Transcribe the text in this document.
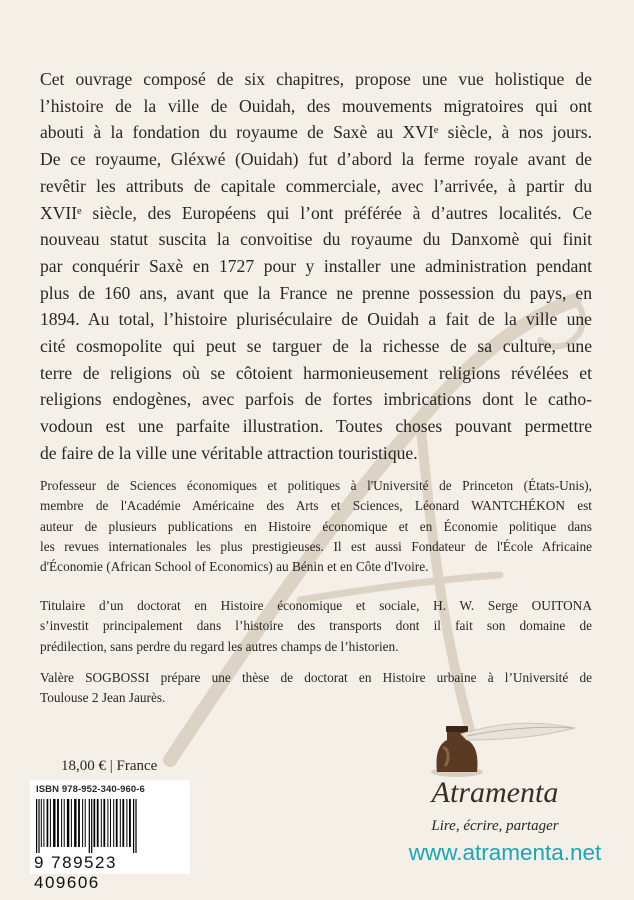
Cet ouvrage composé de six chapitres, propose une vue holistique de
l’histoire de la ville de Ouidah, des mouvements migratoires qui ont
abouti à la fondation du royaume de Saxè au XVIᵉ siècle, à nos jours.
De ce royaume, Gléxwé (Ouidah) fut d’abord la ferme royale avant de
revêtir les attributs de capitale commerciale, avec l’arrivée, à partir du
XVIIᵉ siècle, des Européens qui l’ont préférée à d’autres localités. Ce
nouveau statut suscita la convoitise du royaume du Danxomè qui finit
par conquérir Saxè en 1727 pour y installer une administration pendant
plus de 160 ans, avant que la France ne prenne possession du pays, en
1894. Au total, l’histoire pluriséculaire de Ouidah a fait de la ville une
cité cosmopolite qui peut se targuer de la richesse de sa culture, une
terre de religions où se côtoient harmonieusement religions révélées et
religions endogènes, avec parfois de fortes imbrications dont le catho-
vodoun est une parfaite illustration. Toutes choses pouvant permettre
de faire de la ville une véritable attraction touristique.
Professeur de Sciences économiques et politiques à l'Université de Princeton (États-Unis),
membre de l'Académie Américaine des Arts et Sciences, Léonard WANTCHÉKON est
auteur de plusieurs publications en Histoire économique et en Économie politique dans
les revues internationales les plus prestigieuses. Il est aussi Fondateur de l'École Africaine
d'Économie (African School of Economics) au Bénin et en Côte d'Ivoire.
Titulaire d’un doctorat en Histoire économique et sociale, H. W. Serge OUITONA
s’investit principalement dans l’histoire des transports dont il fait son domaine de
prédilection, sans perdre du regard les autres champs de l’historien.
Valère SOGBOSSI prépare une thèse de doctorat en Histoire urbaine à l’Université de
Toulouse 2 Jean Jaurès.
18,00 € | France
ISBN 978-952-340-960-6
9 789523 409606
Atramenta
Lire, écrire, partager
www.atramenta.net
